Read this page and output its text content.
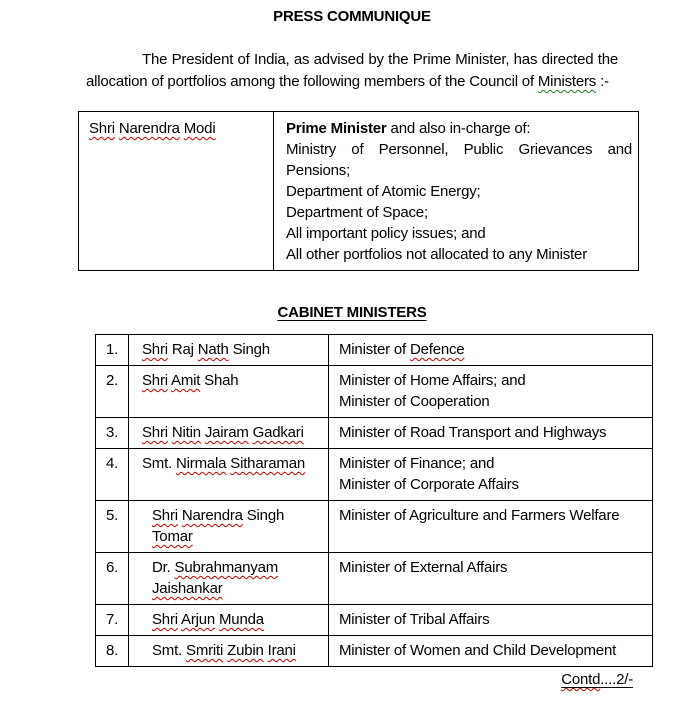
PRESS COMMUNIQUE
The President of India, as advised by the Prime Minister, has directed the allocation of portfolios among the following members of the Council of Ministers :-
Shri Narendra Modi	Prime Minister and also in-charge of:
Ministry of Personnel, Public Grievances and Pensions;
Department of Atomic Energy;
Department of Space;
All important policy issues; and
All other portfolios not allocated to any Minister
CABINET MINISTERS
1.	Shri Raj Nath Singh	Minister of Defence

2.	Shri Amit Shah	Minister of Home Affairs; and
Minister of Cooperation

3.	Shri Nitin Jairam Gadkari	Minister of Road Transport and Highways

4.	Smt. Nirmala Sitharaman	Minister of Finance; and
Minister of Corporate Affairs

5.	Shri Narendra Singh Tomar	Minister of Agriculture and Farmers Welfare

6.	Dr. Subrahmanyam Jaishankar	Minister of External Affairs

7.	Shri Arjun Munda	Minister of Tribal Affairs

8.	Smt. Smriti Zubin Irani	Minister of Women and Child Development
Contd....2/-
